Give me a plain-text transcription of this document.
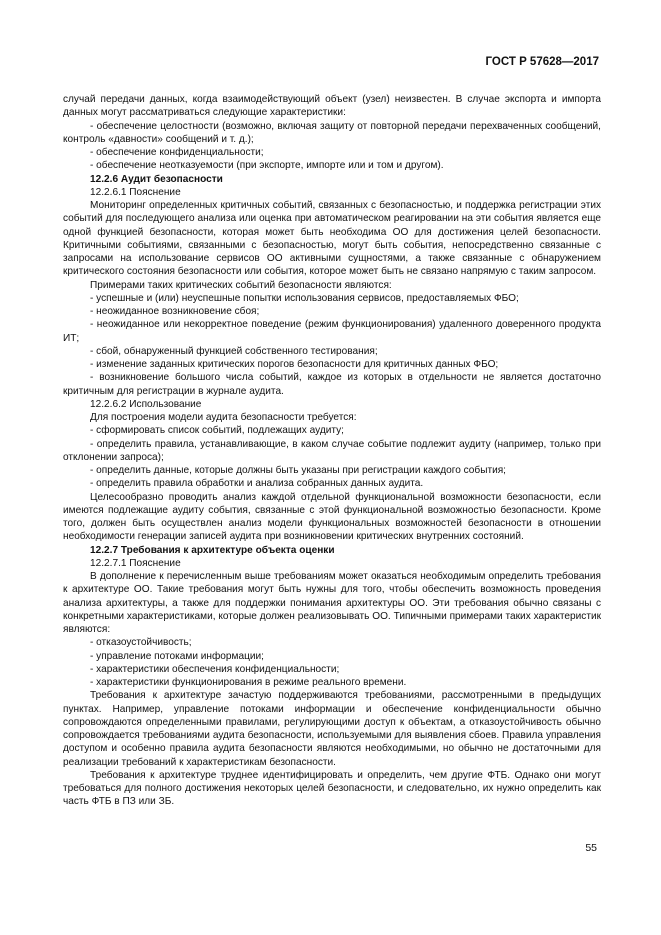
ГОСТ Р 57628—2017

случай передачи данных, когда взаимодействующий объект (узел) неизвестен. В случае экспорта и импорта данных могут рассматриваться следующие характеристики:

- обеспечение целостности (возможно, включая защиту от повторной передачи перехваченных сообщений, контроль «давности» сообщений и т. д.);

- обеспечение конфиденциальности;

- обеспечение неотказуемости (при экспорте, импорте или и том и другом).

12.2.6 Аудит безопасности

12.2.6.1 Пояснение

Мониторинг определенных критичных событий, связанных с безопасностью, и поддержка регистрации этих событий для последующего анализа или оценка при автоматическом реагировании на эти события является еще одной функцией безопасности, которая может быть необходима ОО для достижения целей безопасности. Критичными событиями, связанными с безопасностью, могут быть события, непосредственно связанные с запросами на использование сервисов ОО активными сущностями, а также связанные с обнаружением критического состояния безопасности или события, которое может быть не связано напрямую с таким запросом.

Примерами таких критических событий безопасности являются:

- успешные и (или) неуспешные попытки использования сервисов, предоставляемых ФБО;

- неожиданное возникновение сбоя;

- неожиданное или некорректное поведение (режим функционирования) удаленного доверенного продукта ИТ;

- сбой, обнаруженный функцией собственного тестирования;

- изменение заданных критических порогов безопасности для критичных данных ФБО;

- возникновение большого числа событий, каждое из которых в отдельности не является достаточно критичным для регистрации в журнале аудита.

12.2.6.2 Использование

Для построения модели аудита безопасности требуется:

- сформировать список событий, подлежащих аудиту;

- определить правила, устанавливающие, в каком случае событие подлежит аудиту (например, только при отклонении запроса);

- определить данные, которые должны быть указаны при регистрации каждого события;

- определить правила обработки и анализа собранных данных аудита.

Целесообразно проводить анализ каждой отдельной функциональной возможности безопасности, если имеются подлежащие аудиту события, связанные с этой функциональной возможностью безопасности. Кроме того, должен быть осуществлен анализ модели функциональных возможностей безопасности в отношении необходимости генерации записей аудита при возникновении критических внутренних состояний.

12.2.7 Требования к архитектуре объекта оценки

12.2.7.1 Пояснение

В дополнение к перечисленным выше требованиям может оказаться необходимым определить требования к архитектуре ОО. Такие требования могут быть нужны для того, чтобы обеспечить возможность проведения анализа архитектуры, а также для поддержки понимания архитектуры ОО. Эти требования обычно связаны с конкретными характеристиками, которые должен реализовывать ОО. Типичными примерами таких характеристик являются:

- отказоустойчивость;

- управление потоками информации;

- характеристики обеспечения конфиденциальности;

- характеристики функционирования в режиме реального времени.

Требования к архитектуре зачастую поддерживаются требованиями, рассмотренными в предыдущих пунктах. Например, управление потоками информации и обеспечение конфиденциальности обычно сопровождаются определенными правилами, регулирующими доступ к объектам, а отказоустойчивость обычно сопровождается требованиями аудита безопасности, используемыми для выявления сбоев. Правила управления доступом и особенно правила аудита безопасности являются необходимыми, но обычно не достаточными для реализации требований к характеристикам безопасности.

Требования к архитектуре труднее идентифицировать и определить, чем другие ФТБ. Однако они могут требоваться для полного достижения некоторых целей безопасности, и следовательно, их нужно определить как часть ФТБ в ПЗ или ЗБ.

55
